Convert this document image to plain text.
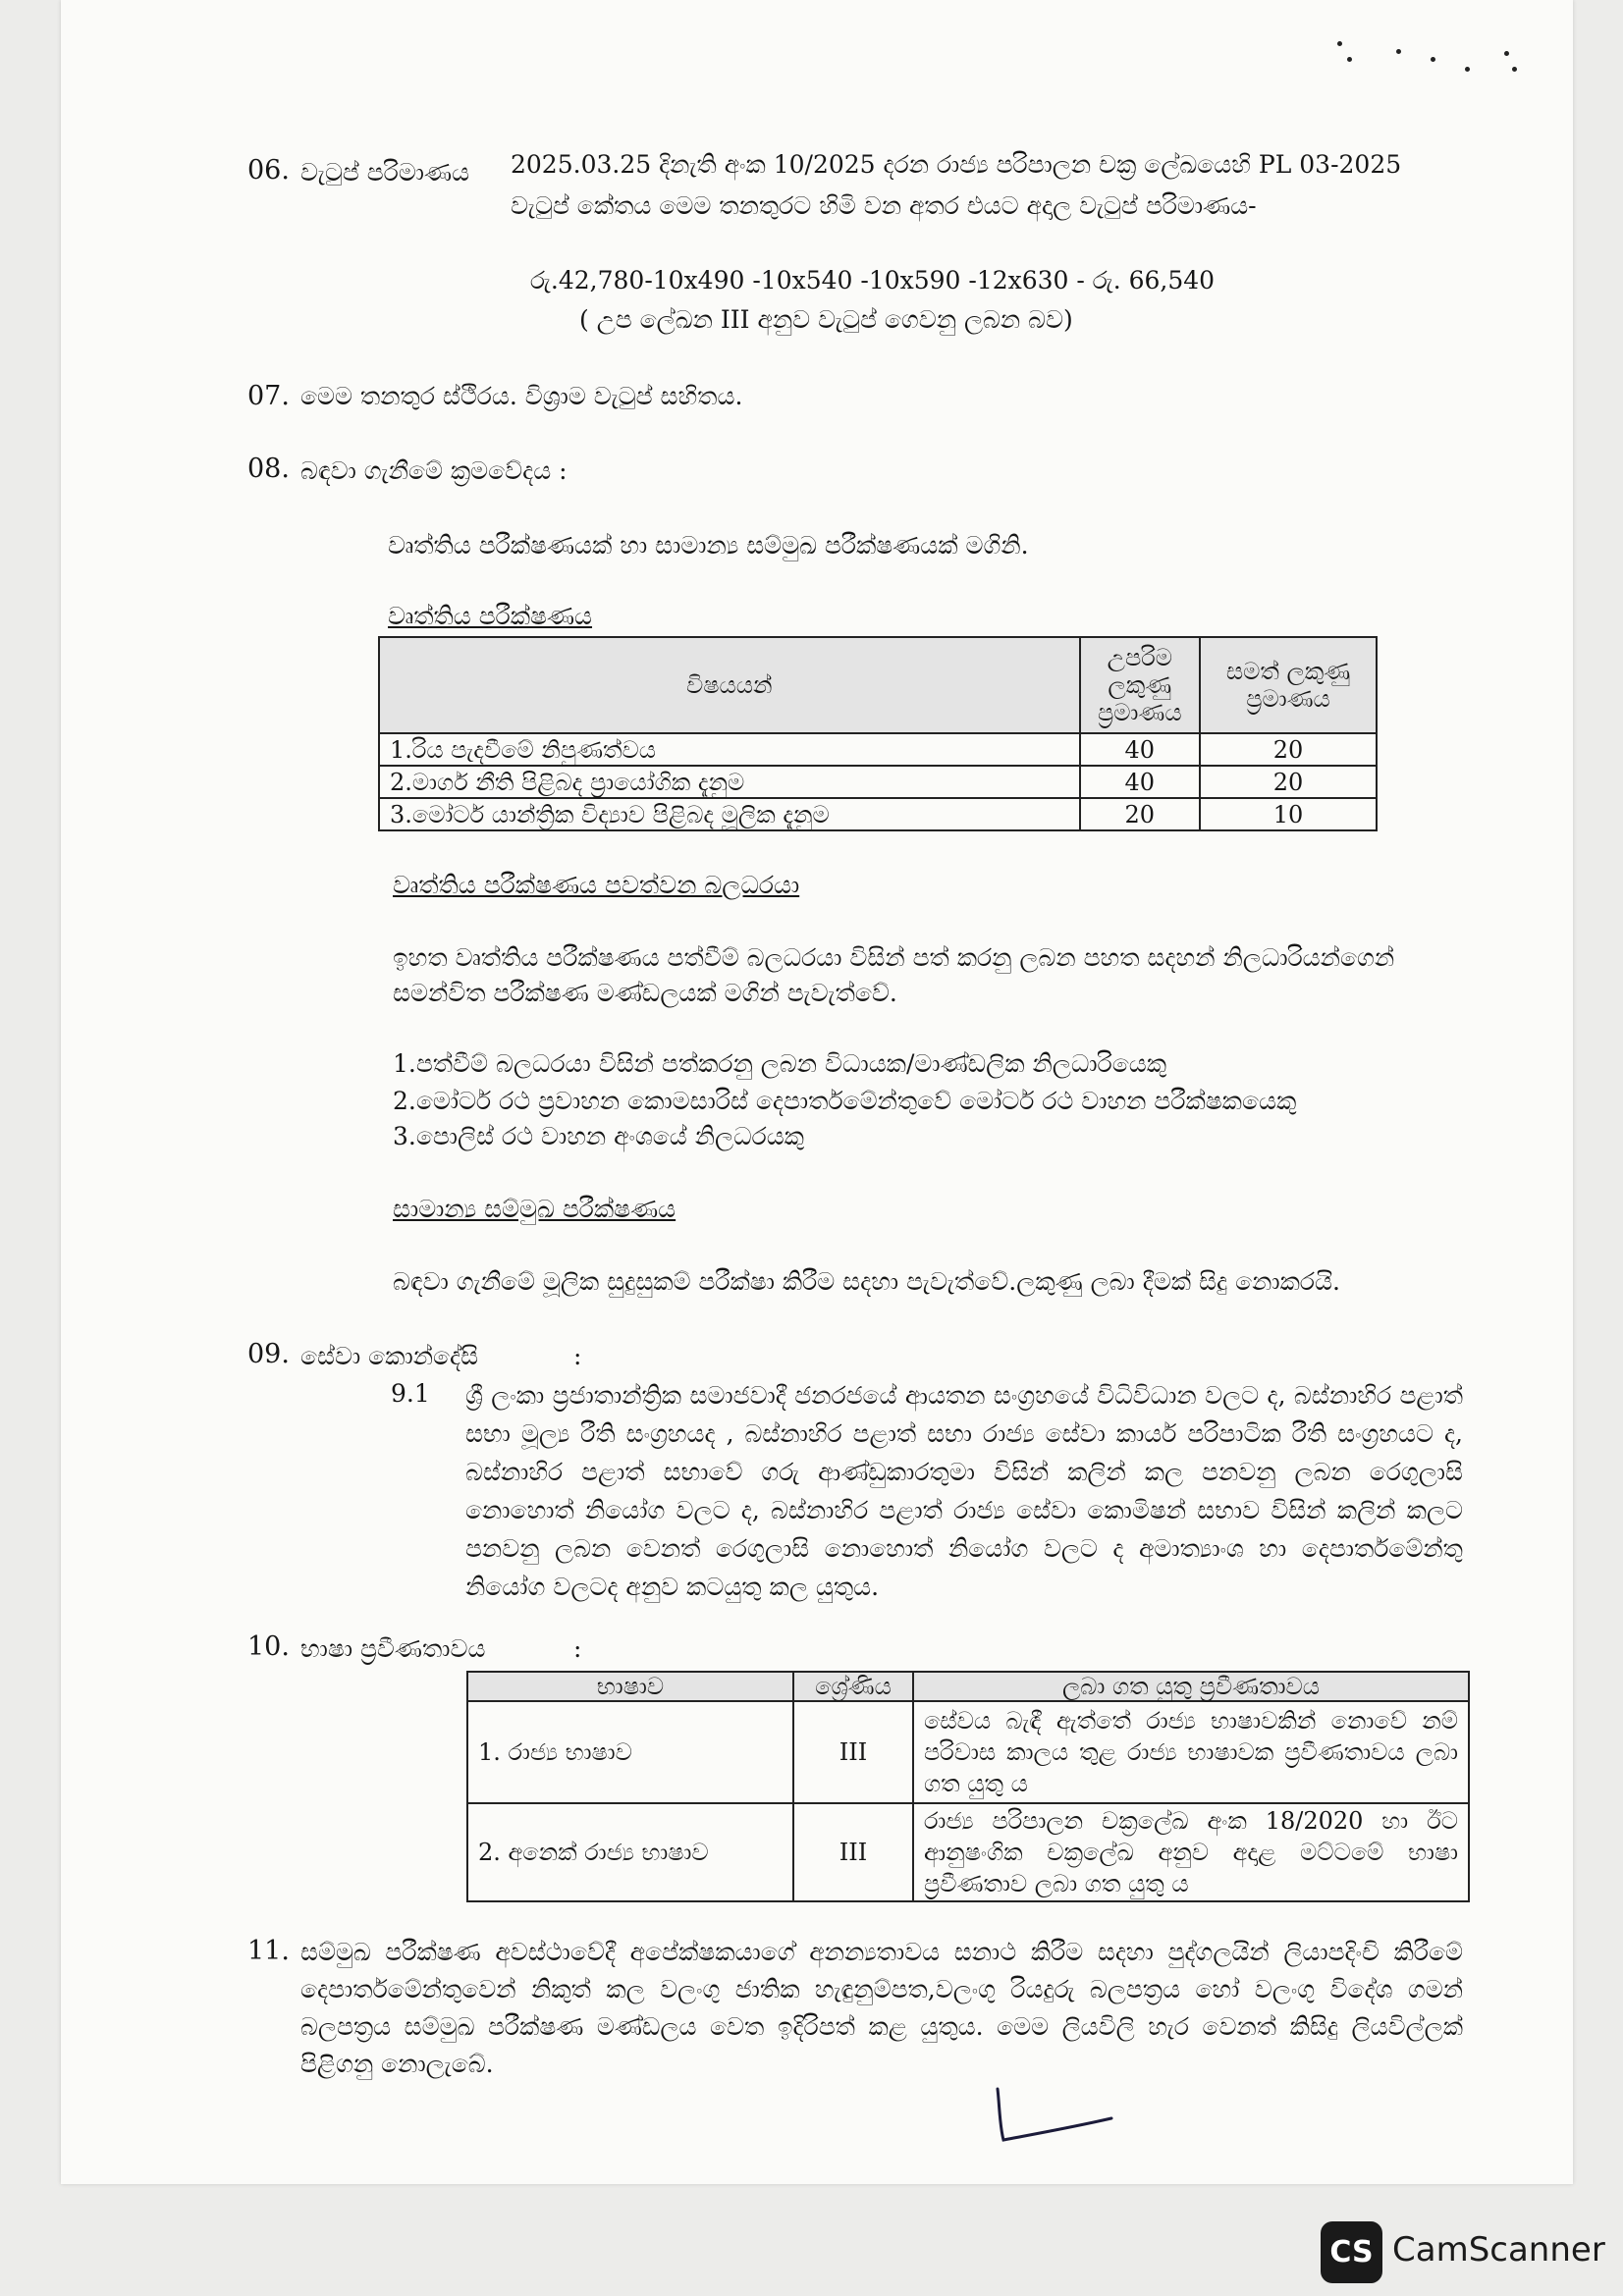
06. වැටුප් පරිමාණය	2025.03.25 දිනැති අංක 10/2025 දරන රාජ්‍ය පරිපාලන චක්‍ර ලේඛයෙහි PL 03-2025
වැටුප් කේතය මෙම තනතුරට හිමි වන අතර එයට අදාල වැටුප් පරිමාණය-
රු.42,780-10x490 -10x540 -10x590 -12x630 - රු. 66,540
( උප ලේඛන III අනුව වැටුප් ගෙවනු ලබන බව)
07. මෙම තනතුර ස්ථිරය. විශ්‍රාම වැටුප් සහිතය.
08. බඳවා ගැනීමේ ක්‍රමවේදය :
වෘත්තිය පරීක්ෂණයක් හා සාමාන්‍ය සම්මුඛ පරීක්ෂණයක් මගිනි.
වෘත්තිය පරීක්ෂණය
විෂයයන්	උපරිම ලකුණු ප්‍රමාණය	සමත් ලකුණු ප්‍රමාණය
1.රිය පැදවීමේ නිපුණත්වය	40	20
2.මාර්ග නීති පිළිබද ප්‍රායෝගික දැනුම	40	20
3.මෝටර් යාන්ත්‍රික විද්‍යාව පිළිබද මූලික දැනුම	20	10
වෘත්තිය පරීක්ෂණය පවත්වන බලධරයා
ඉහත වෘත්තිය පරීක්ෂණය පත්වීම් බලධරයා විසින් පත් කරනු ලබන පහත සදහන් නිලධාරියන්ගෙන් සමන්විත පරීක්ෂණ මණ්ඩලයක් මගින් පැවැත්වේ.
1.පත්වීම් බලධරයා විසින් පත්කරනු ලබන විධායක/මාණ්ඩලික නිලධාරියෙකු
2.මෝටර් රථ ප්‍රවාහන කොමසාරිස් දෙපාර්තමේන්තුවේ මෝටර් රථ වාහන පරීක්ෂකයෙකු
3.පොලිස් රථ වාහන අංශයේ නිලධරයකු
සාමාන්‍ය සම්මුඛ පරීක්ෂණය
බඳවා ගැනීමේ මූලික සුදුසුකම් පරීක්ෂා කිරීම සදහා පැවැත්වේ.ලකුණු ලබා දීමක් සිදු නොකරයි.
09. සේවා කොන්දේසි	:
9.1	ශ්‍රී ලංකා ප්‍රජාතාන්ත්‍රික සමාජවාදී ජනරජයේ ආයතන සංග්‍රහයේ විධිවිධාන වලට ද, බස්නාහිර පළාත් සභා මූල්‍ය රීති සංග්‍රහයද , බස්නාහිර පළාත් සභා රාජ්‍ය සේවා කාර්ය පරිපාටික රීති සංග්‍රහයට ද, බස්නාහිර පළාත් සභාවේ ගරු ආණ්ඩුකාරතුමා විසින් කලින් කල පනවනු ලබන රෙගුලාසි නොහොත් නියෝග වලට ද, බස්නාහිර පළාත් රාජ්‍ය සේවා කොමිෂන් සභාව විසින් කලින් කලට පනවනු ලබන වෙනත් රෙගුලාසි නොහොත් නියෝග වලට ද අමාත්‍යාංශ හා දෙපාර්තමේන්තු නියෝග වලටද අනුව කටයුතු කල යුතුය.
10. භාෂා ප්‍රවීණතාවය	:
භාෂාව	ශ්‍රේණිය	ලබා ගත යුතු ප්‍රවීණතාවය
1. රාජ්‍ය භාෂාව	III	සේවය බැඳී ඇත්තේ රාජ්‍ය භාෂාවකින් නොවේ නම් පරිවාස කාලය තුළ රාජ්‍ය භාෂාවක ප්‍රවීණතාවය ලබා ගත යුතු ය
2. අනෙක් රාජ්‍ය භාෂාව	III	රාජ්‍ය පරිපාලන චක්‍රලේඛ අංක 18/2020 හා ඊට ආනුෂංගික චක්‍රලේඛ අනුව අදාළ මට්ටමේ භාෂා ප්‍රවීණතාව ලබා ගත යුතු ය
11. සම්මුඛ පරීක්ෂණ අවස්ථාවේදී අපේක්ෂකයාගේ අනන්‍යතාවය සනාථ කිරීම සදහා පුද්ගලයින් ලියාපදිංචි කිරීමේ දෙපාර්තමේන්තුවෙන් නිකුත් කල වලංගු ජාතික හැඳුනුම්පත,වලංගු රියදුරු බලපත්‍රය හෝ වලංගු විදේශ ගමන් බලපත්‍රය සම්මුඛ පරීක්ෂණ මණ්ඩලය වෙත ඉදිරිපත් කළ යුතුය. මෙම ලියවිලි හැර වෙනත් කිසිදු ලියවිල්ලක් පිළිගනු නොලැබේ.
CS CamScanner
